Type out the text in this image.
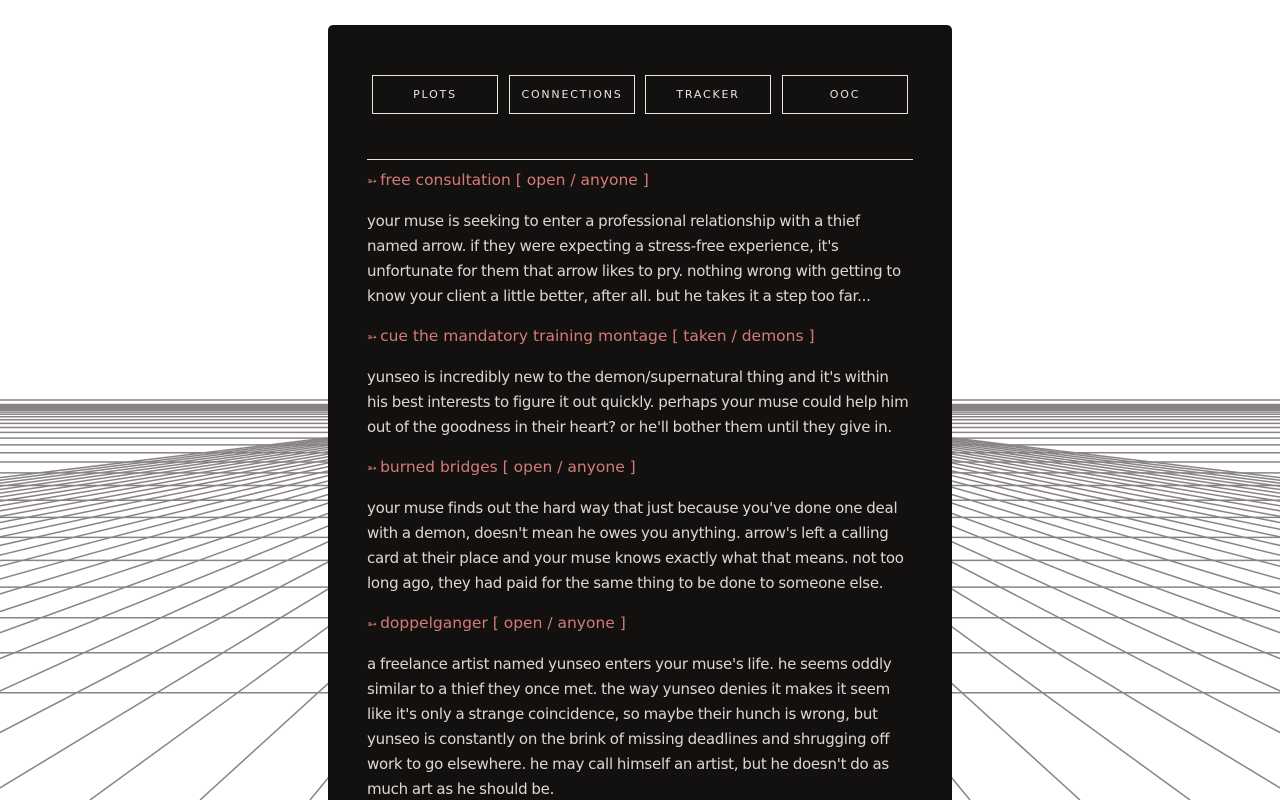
PLOTS	CONNECTIONS	TRACKER	OOC
➳ free consultation [ open / anyone ]

your muse is seeking to enter a professional relationship with a thief named arrow. if they were expecting a stress-free experience, it's unfortunate for them that arrow likes to pry. nothing wrong with getting to know your client a little better, after all. but he takes it a step too far...

➳ cue the mandatory training montage [ taken / demons ]

yunseo is incredibly new to the demon/supernatural thing and it's within his best interests to figure it out quickly. perhaps your muse could help him out of the goodness in their heart? or he'll bother them until they give in.

➳ burned bridges [ open / anyone ]

your muse finds out the hard way that just because you've done one deal with a demon, doesn't mean he owes you anything. arrow's left a calling card at their place and your muse knows exactly what that means. not too long ago, they had paid for the same thing to be done to someone else.

➳ doppelganger [ open / anyone ]

a freelance artist named yunseo enters your muse's life. he seems oddly similar to a thief they once met. the way yunseo denies it makes it seem like it's only a strange coincidence, so maybe their hunch is wrong, but yunseo is constantly on the brink of missing deadlines and shrugging off work to go elsewhere. he may call himself an artist, but he doesn't do as much art as he should be.
